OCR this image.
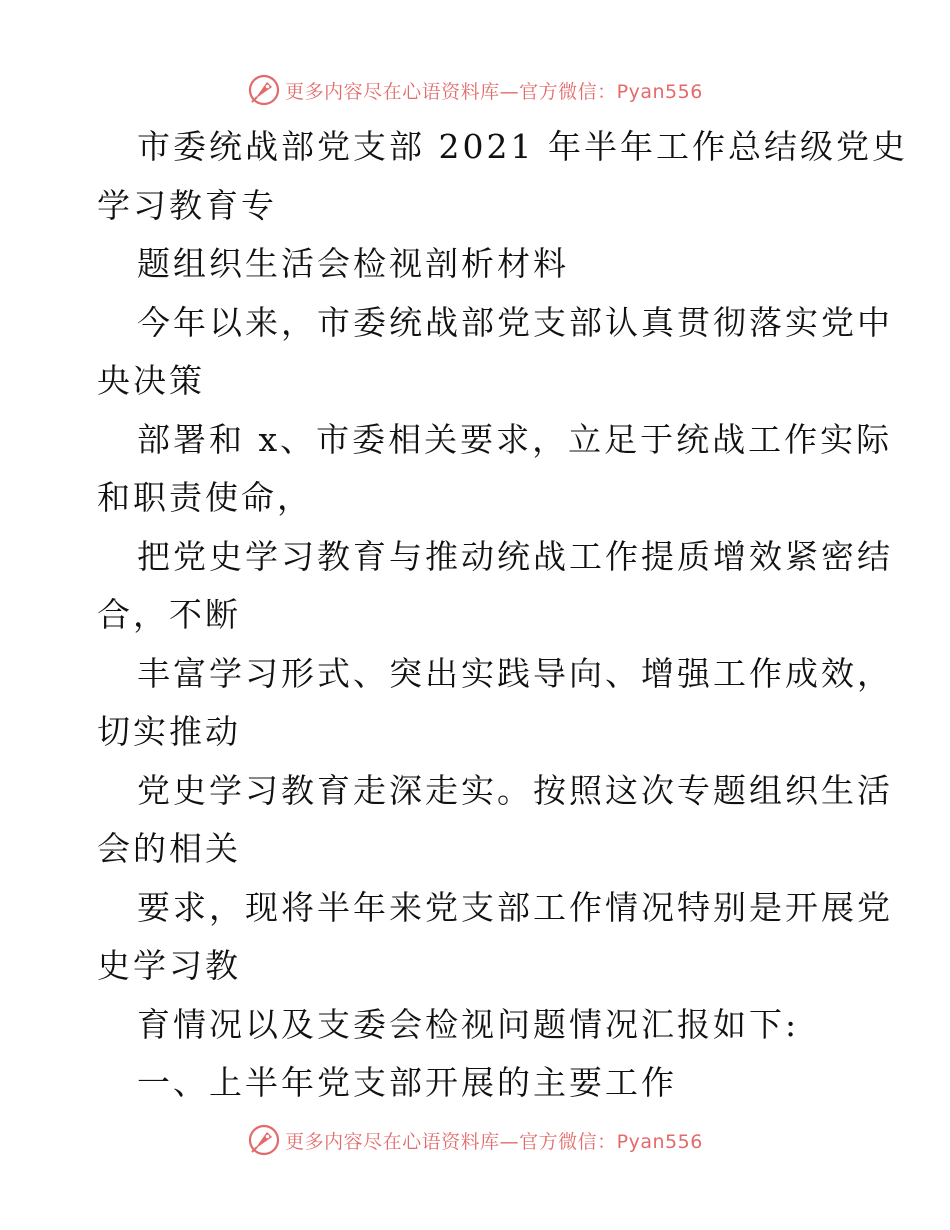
更多内容尽在心语资料库—官方微信：Pyan556
市委统战部党支部 2021 年半年工作总结级党史
学习教育专
题组织生活会检视剖析材料
今年以来，市委统战部党支部认真贯彻落实党中
央决策
部署和 x、市委相关要求，立足于统战工作实际
和职责使命，
把党史学习教育与推动统战工作提质增效紧密结
合，不断
丰富学习形式、突出实践导向、增强工作成效，
切实推动
党史学习教育走深走实。按照这次专题组织生活
会的相关
要求，现将半年来党支部工作情况特别是开展党
史学习教
育情况以及支委会检视问题情况汇报如下:
一、上半年党支部开展的主要工作
更多内容尽在心语资料库—官方微信：Pyan556
